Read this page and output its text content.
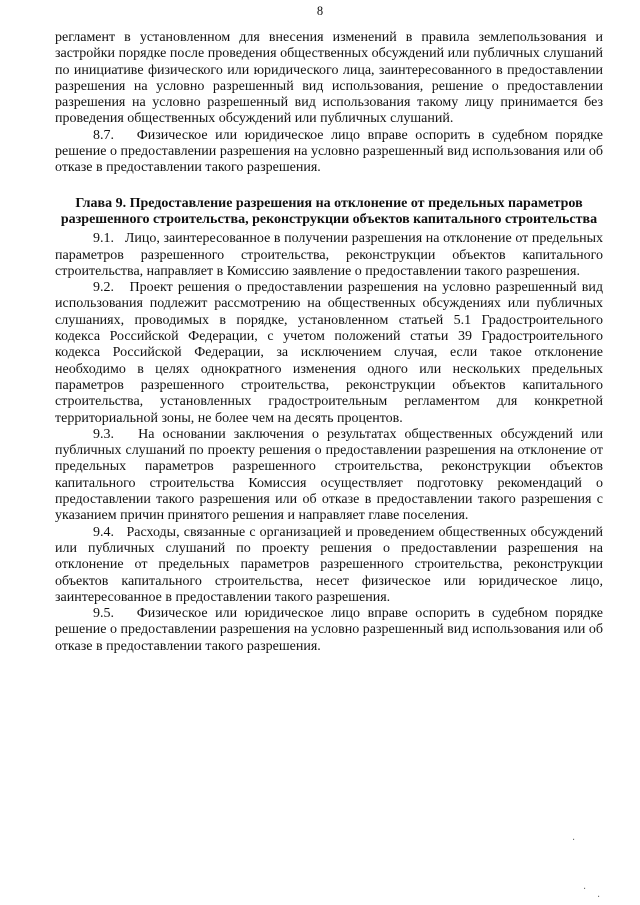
8

регламент в установленном для внесения изменений в правила землепользования и застройки порядке после проведения общественных обсуждений или публичных слушаний по инициативе физического или юридического лица, заинтересованного в предоставлении разрешения на условно разрешенный вид использования, решение о предоставлении разрешения на условно разрешенный вид использования такому лицу принимается без проведения общественных обсуждений или публичных слушаний.

8.7.   Физическое или юридическое лицо вправе оспорить в судебном порядке решение о предоставлении разрешения на условно разрешенный вид использования или об отказе в предоставлении такого разрешения.

Глава 9. Предоставление разрешения на отклонение от предельных параметров разрешенного строительства, реконструкции объектов капитального строительства

9.1.   Лицо, заинтересованное в получении разрешения на отклонение от предельных параметров разрешенного строительства, реконструкции объектов капитального строительства, направляет в Комиссию заявление о предоставлении такого разрешения.

9.2.   Проект решения о предоставлении разрешения на условно разрешенный вид использования подлежит рассмотрению на общественных обсуждениях или публичных слушаниях, проводимых в порядке, установленном статьей 5.1 Градостроительного кодекса Российской Федерации, с учетом положений статьи 39 Градостроительного кодекса Российской Федерации, за исключением случая, если такое отклонение необходимо в целях однократного изменения одного или нескольких предельных параметров разрешенного строительства, реконструкции объектов капитального строительства, установленных градостроительным регламентом для конкретной территориальной зоны, не более чем на десять процентов.

9.3.   На основании заключения о результатах общественных обсуждений или публичных слушаний по проекту решения о предоставлении разрешения на отклонение от предельных параметров разрешенного строительства, реконструкции объектов капитального строительства Комиссия осуществляет подготовку рекомендаций о предоставлении такого разрешения или об отказе в предоставлении такого разрешения с указанием причин принятого решения и направляет главе поселения.

9.4.   Расходы, связанные с организацией и проведением общественных обсуждений или публичных слушаний по проекту решения о предоставлении разрешения на отклонение от предельных параметров разрешенного строительства, реконструкции объектов капитального строительства, несет физическое или юридическое лицо, заинтересованное в предоставлении такого разрешения.

9.5.   Физическое или юридическое лицо вправе оспорить в судебном порядке решение о предоставлении разрешения на условно разрешенный вид использования или об отказе в предоставлении такого разрешения.

·
·
·
